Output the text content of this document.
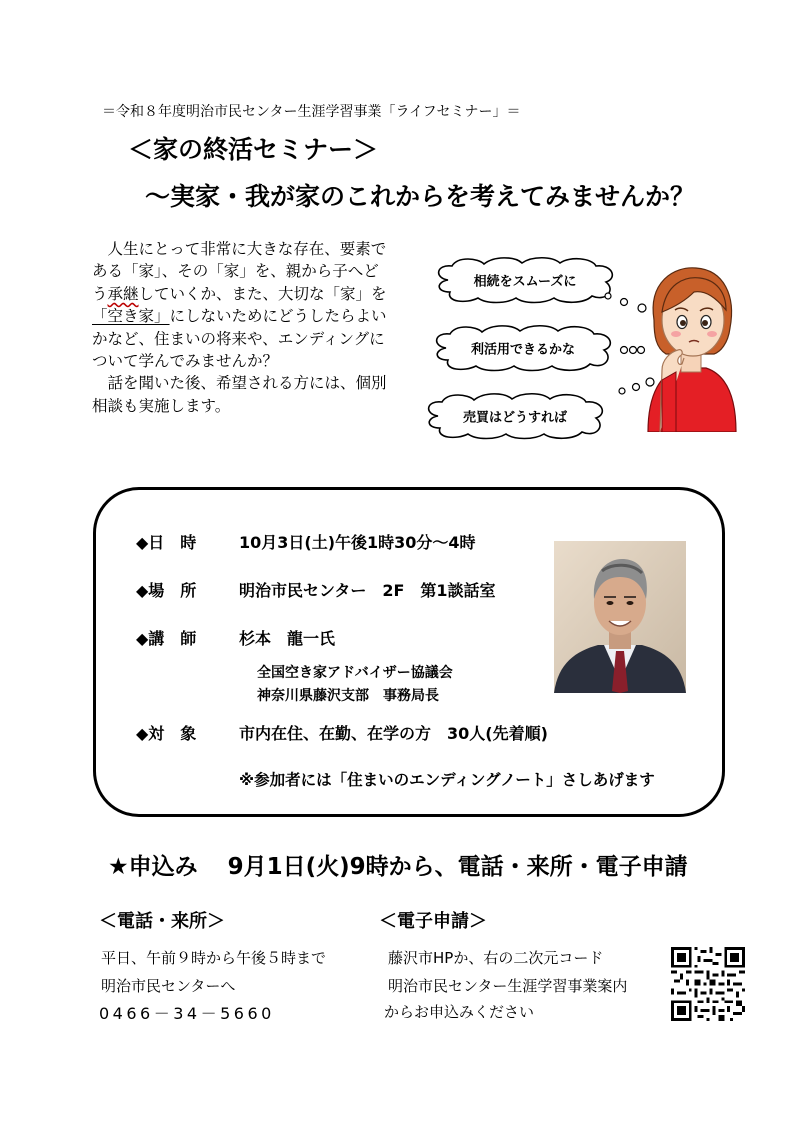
＝令和８年度明治市民センター生涯学習事業「ライフセミナー」＝
＜家の終活セミナー＞
～実家・我が家のこれからを考えてみませんか？

人生にとって非常に大きな存在、要素である「家」、その「家」を、親から子へどう承継していくか、また、大切な「家」を「空き家」にしないためにどうしたらよいかなど、住まいの将来や、エンディングについて学んでみませんか？

話を聞いた後、希望される方には、個別相談も実施します。

相続をスムーズに
利活用できるかな
売買はどうすれば
◆日　時	10月3日(土)午後1時30分～4時
◆場　所	明治市民センター　2F　第1談話室
◆講　師	杉本　龍一氏
全国空き家アドバイザー協議会
神奈川県藤沢支部　事務局長
◆対　象	市内在住、在勤、在学の方　30人(先着順)
※参加者には「住まいのエンディングノート」さしあげます
★申込み 9月1日(火)9時から、電話・来所・電子申請
＜電話・来所＞
平日、午前９時から午後５時まで
明治市民センターへ
0466－34－5660
＜電子申請＞
藤沢市HPか、右の二次元コード
明治市民センター生涯学習事業案内
からお申込みください
